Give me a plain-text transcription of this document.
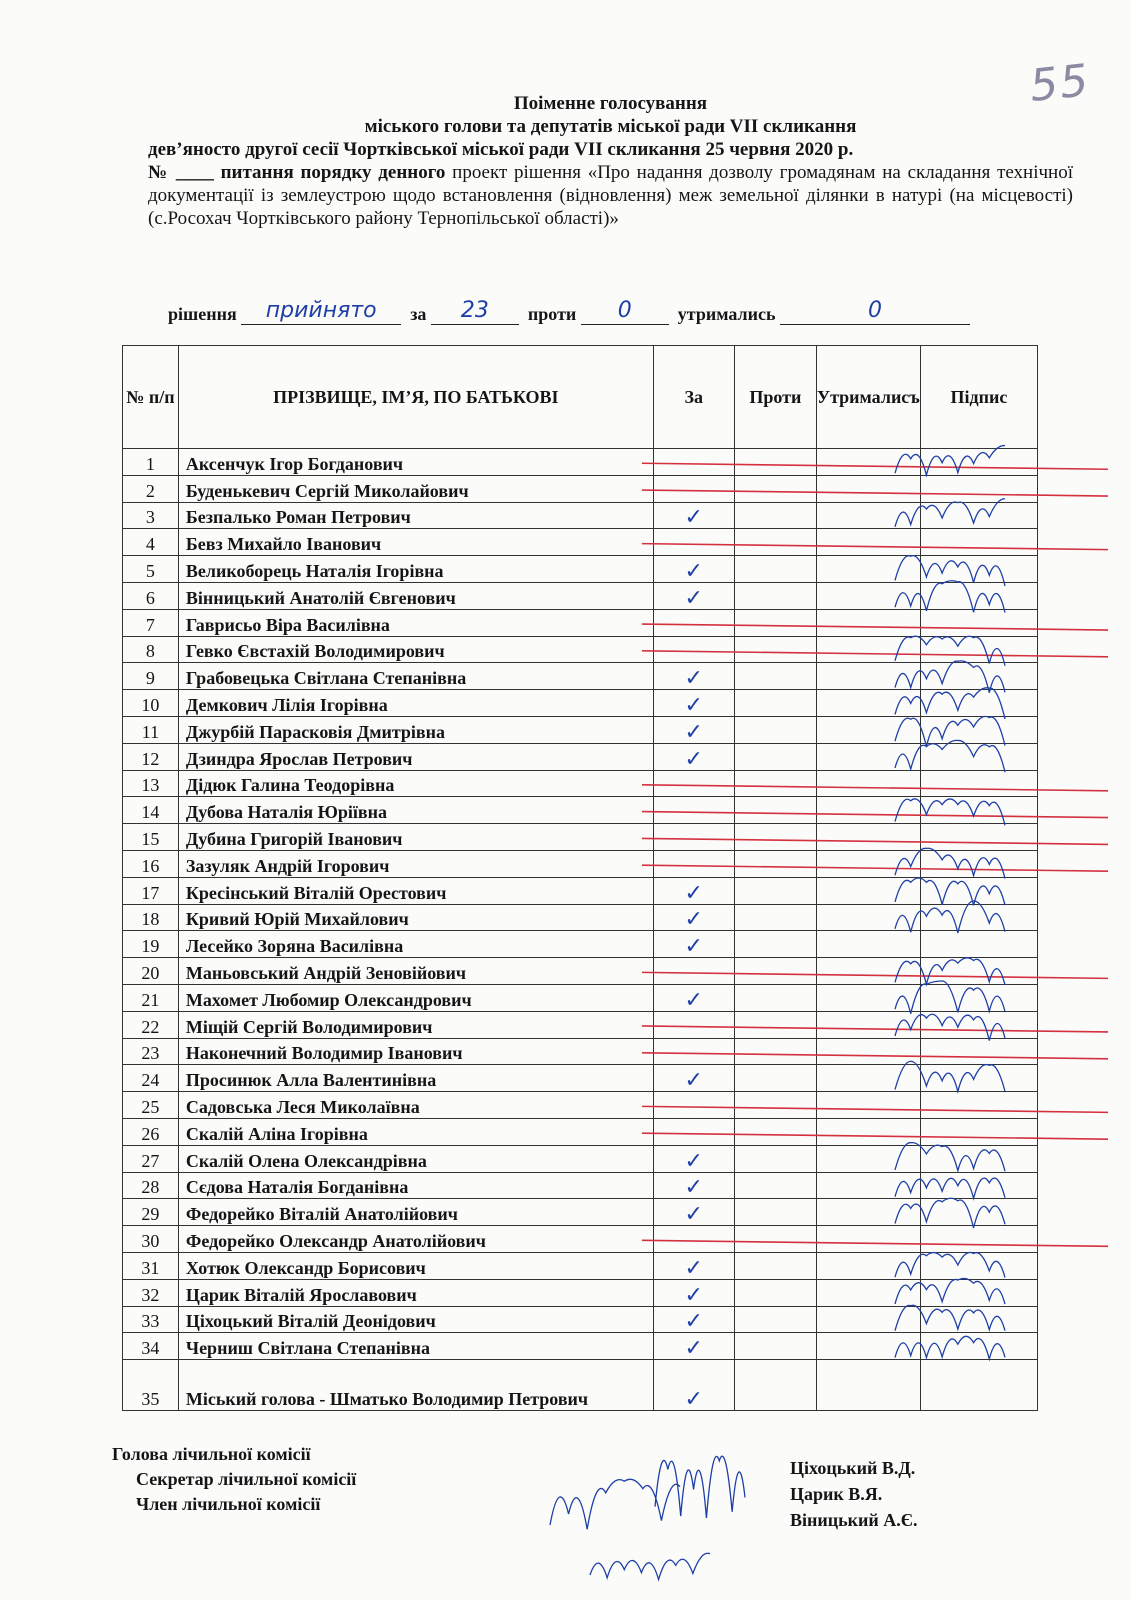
55
Поіменне голосування
міського голови та депутатів міської ради VII скликання
дев’яносто другої сесії Чортківської міської ради VII скликання 25 червня 2020 р.
№ ____ питання порядку денного проект рішення «Про надання дозволу громадянам на складання технічної документації із землеустрою щодо встановлення (відновлення) меж земельної ділянки в натурі (на місцевості) (с.Росохач Чортківського району Тернопільської області)»
рішення прийнято за 23 проти 0	утримались	0
№ п/п	ПРІЗВИЩЕ, ІМ’Я, ПО БАТЬКОВІ	За	Проти	Утрималисъ	Підпис
1	Аксенчук Ігор Богданович				
2	Буденькевич Сергій Миколайович				
3	Безпалько Роман Петрович	✓			
4	Бевз Михайло Іванович				
5	Великоборець Наталія Ігорівна	✓			
6	Вінницький Анатолій Євгенович	✓			
7	Гаврисьо Віра Василівна				
8	Гевко Євстахій Володимирович				
9	Грабовецька Світлана Степанівна	✓			
10	Демкович Лілія Ігорівна	✓			
11	Джурбій Парасковія Дмитрівна	✓			
12	Дзиндра Ярослав Петрович	✓			
13	Дідюк Галина Теодорівна				
14	Дубова Наталія Юріївна				
15	Дубина Григорій Іванович				
16	Зазуляк Андрій Ігорович				
17	Кресінський Віталій Орестович	✓			
18	Кривий Юрій Михайлович	✓			
19	Лесейко Зоряна Василівна	✓			
20	Маньовський Андрій Зеновійович				
21	Махомет Любомир Олександрович	✓			
22	Міщій Сергій Володимирович				
23	Наконечний Володимир Іванович				
24	Просинюк Алла Валентинівна	✓			
25	Садовська Леся Миколаївна				
26	Скалій Аліна Ігорівна				
27	Скалій Олена Олександрівна	✓			
28	Сєдова Наталія Богданівна	✓			
29	Федорейко Віталій Анатолійович	✓			
30	Федорейко Олександр Анатолійович				
31	Хотюк Олександр Борисович	✓			
32	Царик Віталій Ярославович	✓			
33	Ціхоцький Віталій Деонідович	✓			
34	Черниш Світлана Степанівна	✓			
35	Міський голова - Шматько Володимир Петрович	✓			
Голова лічильної комісії
Секретар лічильної комісії
Член лічильної комісії
Ціхоцький В.Д.
Царик В.Я.
Віницький А.Є.
